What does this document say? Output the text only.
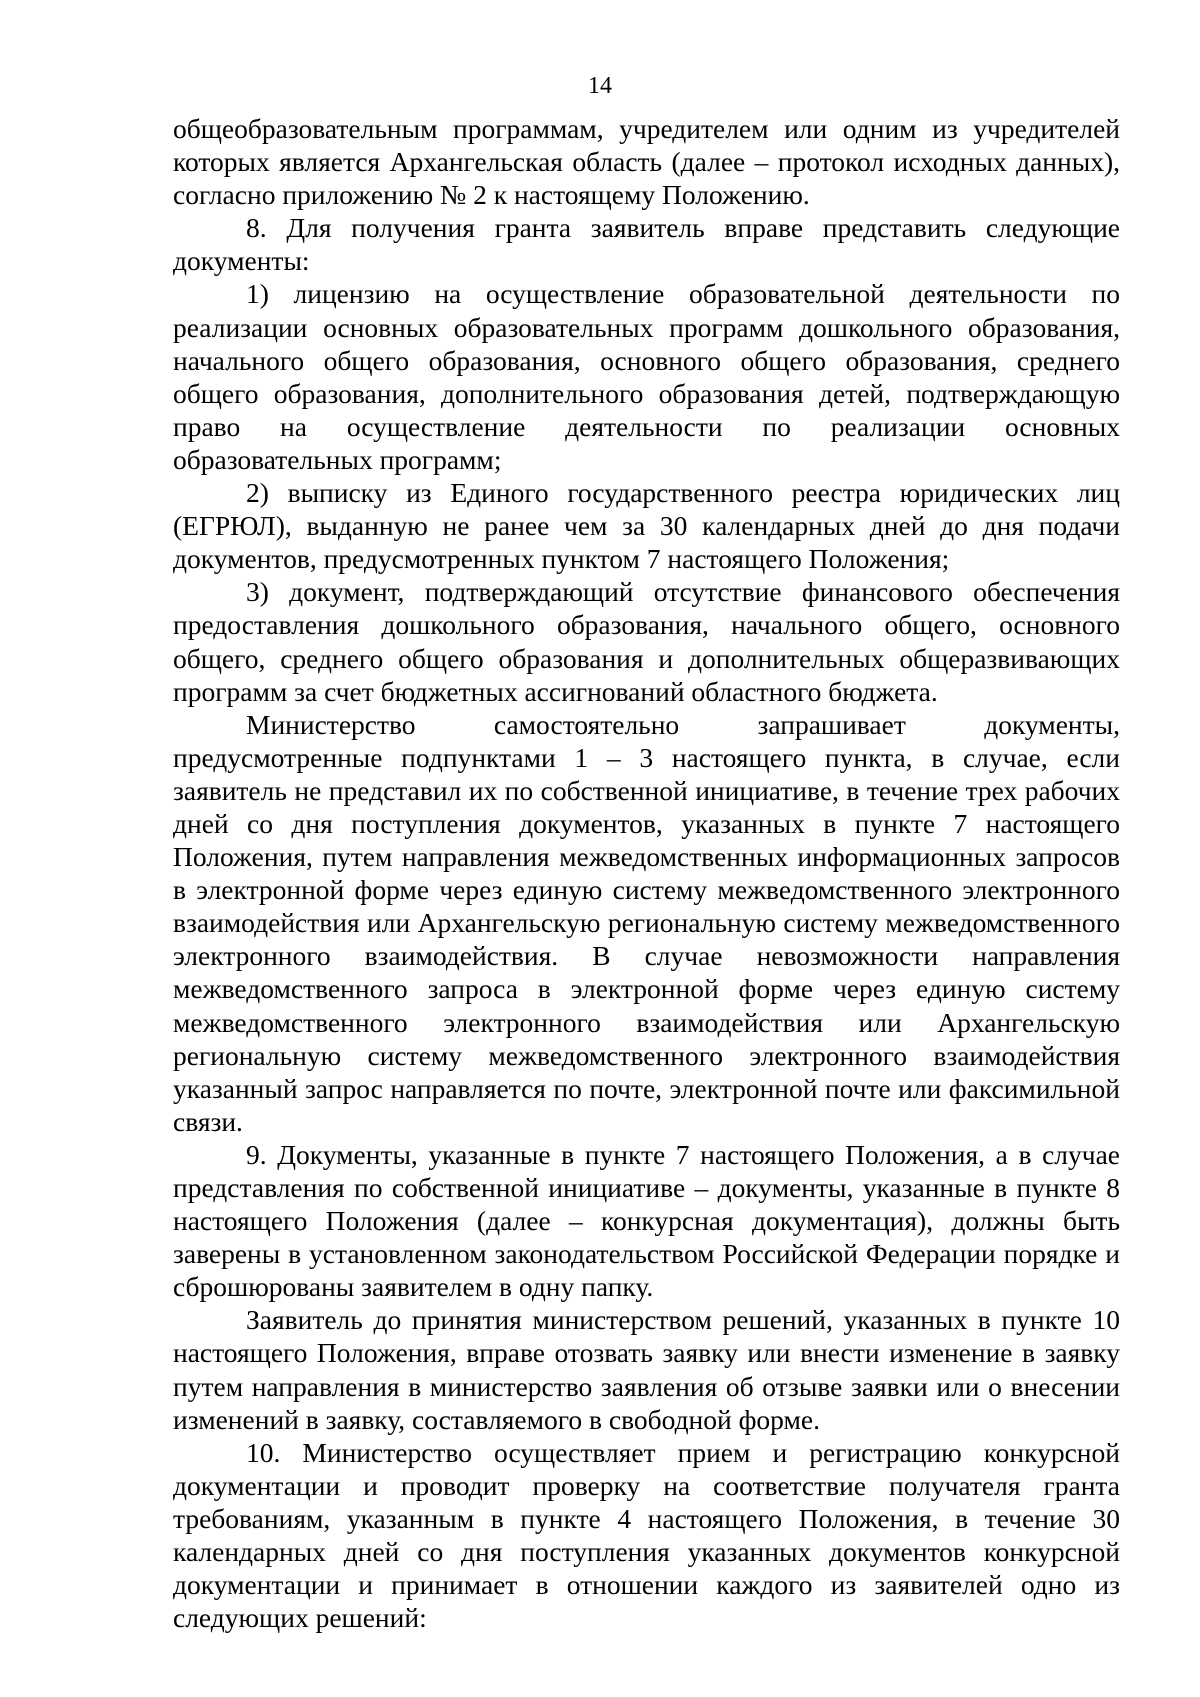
14

общеобразовательным программам, учредителем или одним из учредителей которых является Архангельская область (далее – протокол исходных данных), согласно приложению № 2 к настоящему Положению.

8. Для получения гранта заявитель вправе представить следующие документы:

1) лицензию на осуществление образовательной деятельности по реализации основных образовательных программ дошкольного образования, начального общего образования, основного общего образования, среднего общего образования, дополнительного образования детей, подтверждающую право на осуществление деятельности по реализации основных образовательных программ;

2) выписку из Единого государственного реестра юридических лиц (ЕГРЮЛ), выданную не ранее чем за 30 календарных дней до дня подачи документов, предусмотренных пунктом 7 настоящего Положения;

3) документ, подтверждающий отсутствие финансового обеспечения предоставления дошкольного образования, начального общего, основного общего, среднего общего образования и дополнительных общеразвивающих программ за счет бюджетных ассигнований областного бюджета.

Министерство самостоятельно запрашивает документы, предусмотренные подпунктами 1 – 3 настоящего пункта, в случае, если заявитель не представил их по собственной инициативе, в течение трех рабочих дней со дня поступления документов, указанных в пункте 7 настоящего Положения, путем направления межведомственных информационных запросов в электронной форме через единую систему межведомственного электронного взаимодействия или Архангельскую региональную систему межведомственного электронного взаимодействия. В случае невозможности направления межведомственного запроса в электронной форме через единую систему межведомственного электронного взаимодействия или Архангельскую региональную систему межведомственного электронного взаимодействия указанный запрос направляется по почте, электронной почте или факсимильной связи.

9. Документы, указанные в пункте 7 настоящего Положения, а в случае представления по собственной инициативе – документы, указанные в пункте 8 настоящего Положения (далее – конкурсная документация), должны быть заверены в установленном законодательством Российской Федерации порядке и сброшюрованы заявителем в одну папку.

Заявитель до принятия министерством решений, указанных в пункте 10 настоящего Положения, вправе отозвать заявку или внести изменение в заявку путем направления в министерство заявления об отзыве заявки или о внесении изменений в заявку, составляемого в свободной форме.

10. Министерство осуществляет прием и регистрацию конкурсной документации и проводит проверку на соответствие получателя гранта требованиям, указанным в пункте 4 настоящего Положения, в течение 30 календарных дней со дня поступления указанных документов конкурсной документации и принимает в отношении каждого из заявителей одно из следующих решений:
